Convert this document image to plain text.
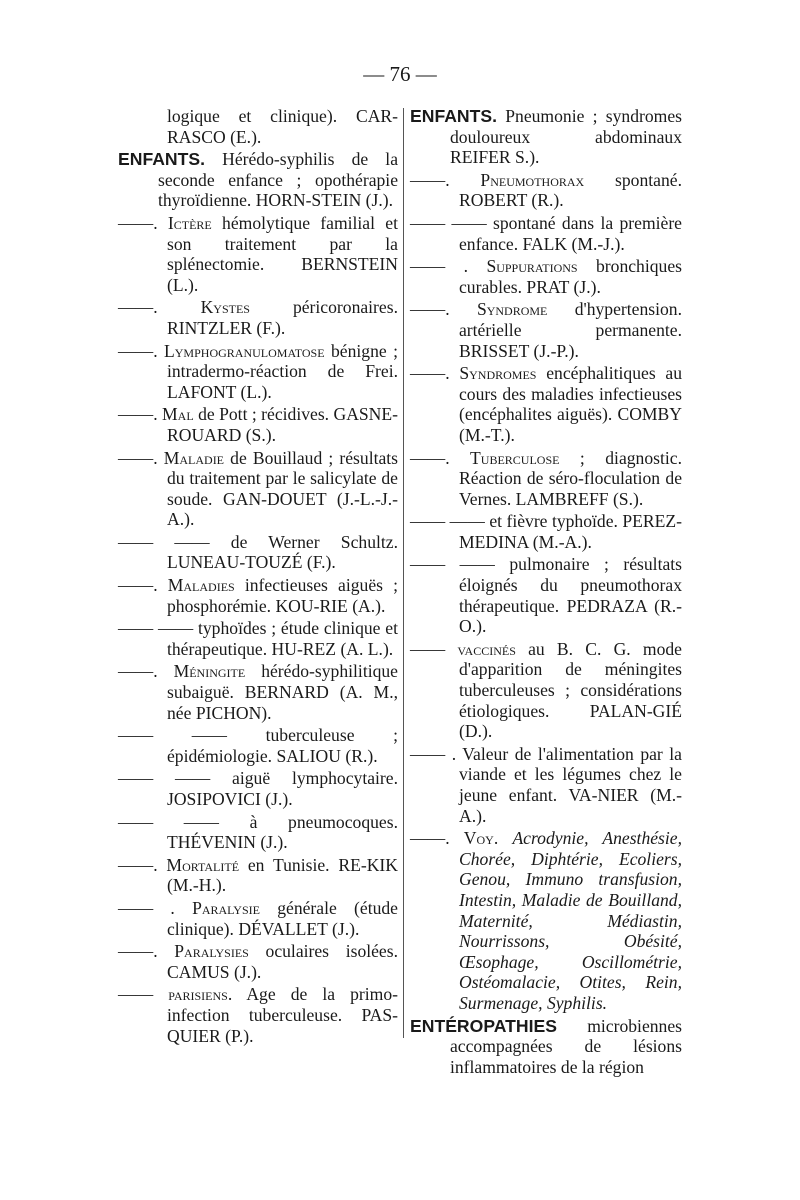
— 76 —

logique et clinique). CAR-RASCO (E.).

ENFANTS. Hérédo-syphilis de la seconde enfance ; opothérapie thyroïdienne. HORN-STEIN (J.).

——. Ictère hémolytique familial et son traitement par la splénectomie. BERNSTEIN (L.).

——. Kystes péricoronaires. RINTZLER (F.).

——. Lymphogranulomatose bénigne ; intradermo-réaction de Frei. LAFONT (L.).

——. Mal de Pott ; récidives. GASNE-ROUARD (S.).

——. Maladie de Bouillaud ; résultats du traitement par le salicylate de soude. GAN-DOUET (J.-L.-J.-A.).

—— —— de Werner Schultz. LUNEAU-TOUZÉ (F.).

——. Maladies infectieuses aiguës ; phosphorémie. KOU-RIE (A.).

—— —— typhoïdes ; étude clinique et thérapeutique. HU-REZ (A. L.).

——. Méningite hérédo-syphilitique subaiguë. BERNARD (A. M., née PICHON).

—— —— tuberculeuse ; épidémiologie. SALIOU (R.).

—— —— aiguë lymphocytaire. JOSIPOVICI (J.).

—— —— à pneumocoques. THÉVENIN (J.).

——. Mortalité en Tunisie. RE-KIK (M.-H.).

—— . Paralysie générale (étude clinique). DÉVALLET (J.).

——. Paralysies oculaires isolées. CAMUS (J.).

—— parisiens. Age de la primo-infection tuberculeuse. PAS-QUIER (P.).

ENFANTS. Pneumonie ; syndromes douloureux abdominaux REIFER S.).

——. Pneumothorax spontané. ROBERT (R.).

—— —— spontané dans la première enfance. FALK (M.-J.).

—— . Suppurations bronchiques curables. PRAT (J.).

——. Syndrome d'hypertension. artérielle permanente. BRISSET (J.-P.).

——. Syndromes encéphalitiques au cours des maladies infectieuses (encéphalites aiguës). COMBY (M.-T.).

——. Tuberculose ; diagnostic. Réaction de séro-floculation de Vernes. LAMBREFF (S.).

—— —— et fièvre typhoïde. PEREZ-MEDINA (M.-A.).

—— —— pulmonaire ; résultats éloignés du pneumothorax thérapeutique. PEDRAZA (R.-O.).

—— vaccinés au B. C. G. mode d'apparition de méningites tuberculeuses ; considérations étiologiques. PALAN-GIÉ (D.).

—— . Valeur de l'alimentation par la viande et les légumes chez le jeune enfant. VA-NIER (M.-A.).

——. Voy. Acrodynie, Anesthésie, Chorée, Diphtérie, Ecoliers, Genou, Immuno transfusion, Intestin, Maladie de Bouilland, Maternité, Médiastin, Nourrissons, Obésité, Œsophage, Oscillométrie, Ostéomalacie, Otites, Rein, Surmenage, Syphilis.

ENTÉROPATHIES microbiennes accompagnées de lésions inflammatoires de la région
